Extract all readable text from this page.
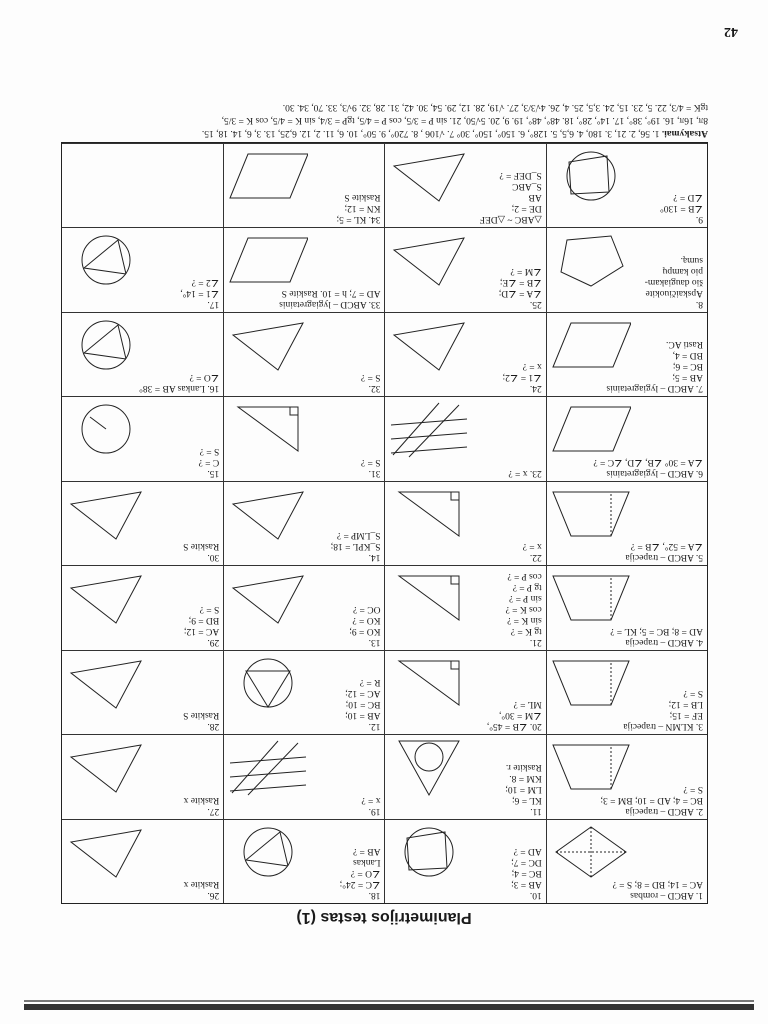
Planimetrijos testas (1)
1. ABCD – rombas
AC = 14; BD = 8; S = ?
10.
AB = 3;
BC = 4;
DC = 7;
AD = ?
18.
∠C = 24°;
∠O = ?
Lankas
AB = ?
26.
Raskite x
2. ABCD – trapecija
BC = 4; AD = 10; BM = 3;
S = ?
11.
KL = 6;
LM = 10;
KM = 8.
Raskite r.
19.
x = ?
27.
Raskite x
3. KLMN – trapecija
EF = 15;
LB = 12;
S = ?
20. ∠B = 45°,
∠M = 30°,
ML = ?
12.
AB = 10;
BC = 10;
AC = 12;
R = ?
28.
Raskite S
4. ABCD – trapecija
AD = 8; BC = 5; KL = ?
21.
tg K = ?
sin K = ?
cos K = ?
sin P = ?
tg P = ?
cos P = ?
13.
KO = 9;
KO = ?
OC = ?
29.
AC = 12;
BD = 9;
S = ?
5. ABCD – trapecija
∠A = 52°, ∠B = ?
22.
x = ?
14.
S_KPL = 18;
S_LMP = ?
30.
Raskite S
6. ABCD – lygiagretainis
∠A = 30° ∠B, ∠D, ∠C = ?
23. x = ?
31.
S = ?
15.
C = ?
S = ?
7. ABCD – lygiagretainis
AB = 5;
BC = 6;
BD = 4,
Rasti AC.
24.
∠1 = ∠2;
x = ?
32.
S = ?
16. Lankas AB = 38°
∠O = ?
8.
Apskaičiuokite
šio daugiakam-
pio kampų
sumą.
25.
∠A = ∠D;
∠B = ∠E;
∠M = ?
33. ABCD – lygiagretainis
AD = 7; h = 10. Raskite S
17.
∠1 = 14°,
∠2 = ?
9.
∠B = 130°
∠D = ?
△ABC ~ △DEF
DE = 2;
AB
S_ABC
S_DEF = ?
34. KL = 5;
KN = 12;
Raskite S
Atsakymai. 1. 56, 2. 21, 3. 180, 4. 6,5, 5. 128°, 6. 150°, 150°, 30° 7. √106 , 8. 720°, 9. 50°, 10. 6, 11. 2, 12. 6,25, 13. 3, 6, 14. 18, 15.
8π, 16π, 16. 19°, 38°, 17. 14°, 28°, 18. 48°, 48°, 19. 9, 20. 5√50, 21. sin P = 3/5, cos P = 4/5, tgP = 3/4, sin K = 4/5, cos K = 3/5,
tgK = 4/3, 22. 5, 23. 15, 24. 3,5, 25. 4, 26. 4√3/3, 27. √19, 28. 12, 29. 54, 30. 42, 31. 28, 32. 9√3, 33. 70, 34. 30.
42
